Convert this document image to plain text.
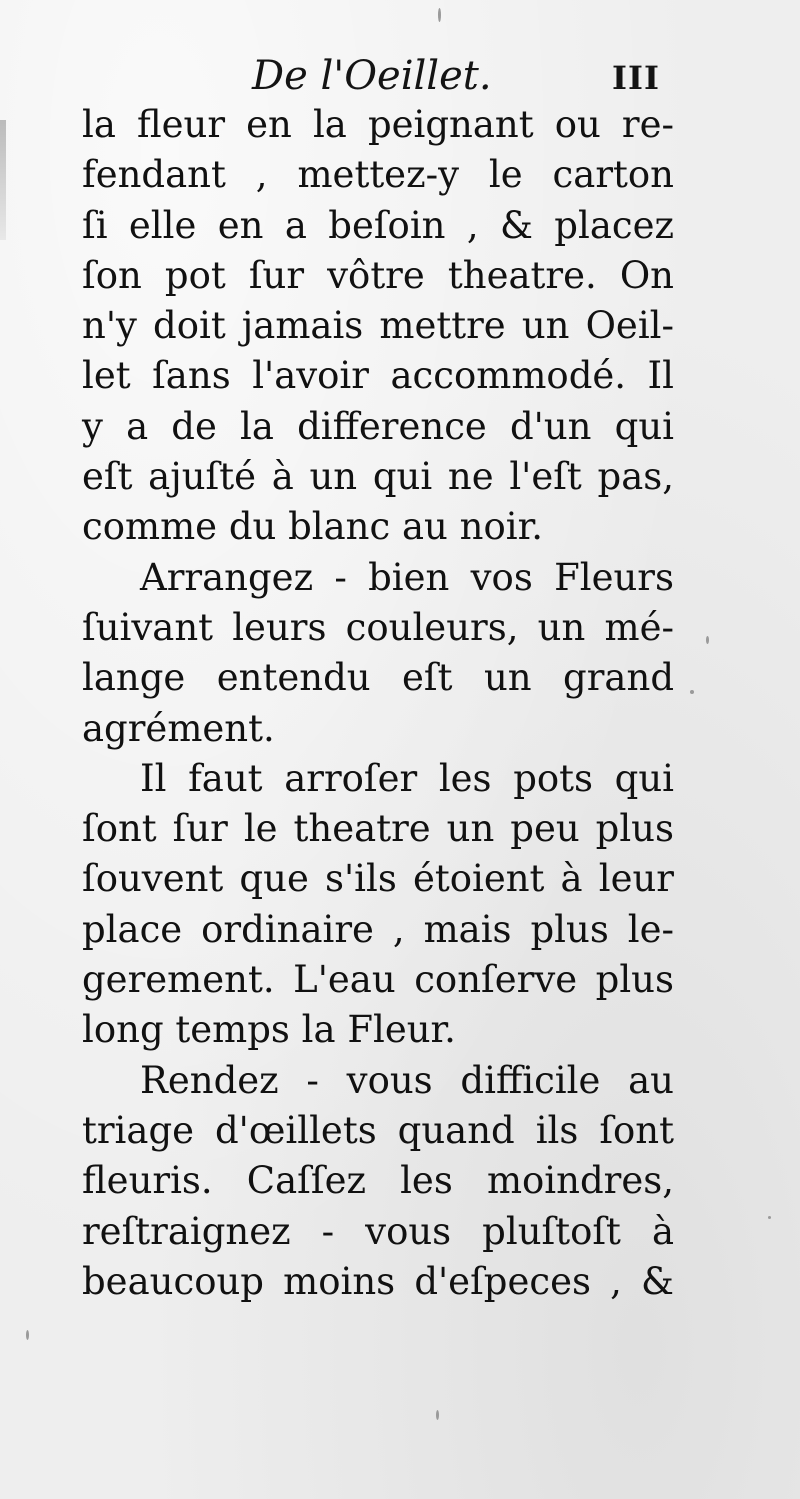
De l'Oeillet.	III
la fleur en la peignant ou re-
fendant , mettez-y le carton
ſi elle en a beſoin , & placez
ſon pot ſur vôtre theatre. On
n'y doit jamais mettre un Oeil-
let ſans l'avoir accommodé. Il
y a de la difference d'un qui
eſt ajuſté à un qui ne l'eſt pas,
comme du blanc au noir.
Arrangez - bien vos Fleurs
ſuivant leurs couleurs, un mé-
lange entendu eſt un grand
agrément.
Il faut arroſer les pots qui
ſont ſur le theatre un peu plus
ſouvent que s'ils étoient à leur
place ordinaire , mais plus le-
gerement. L'eau conſerve plus
long temps la Fleur.
Rendez - vous difficile au
triage d'œillets quand ils ſont
fleuris. Caſſez les moindres,
reſtraignez - vous pluſtoſt à
beaucoup moins d'eſpeces , &
